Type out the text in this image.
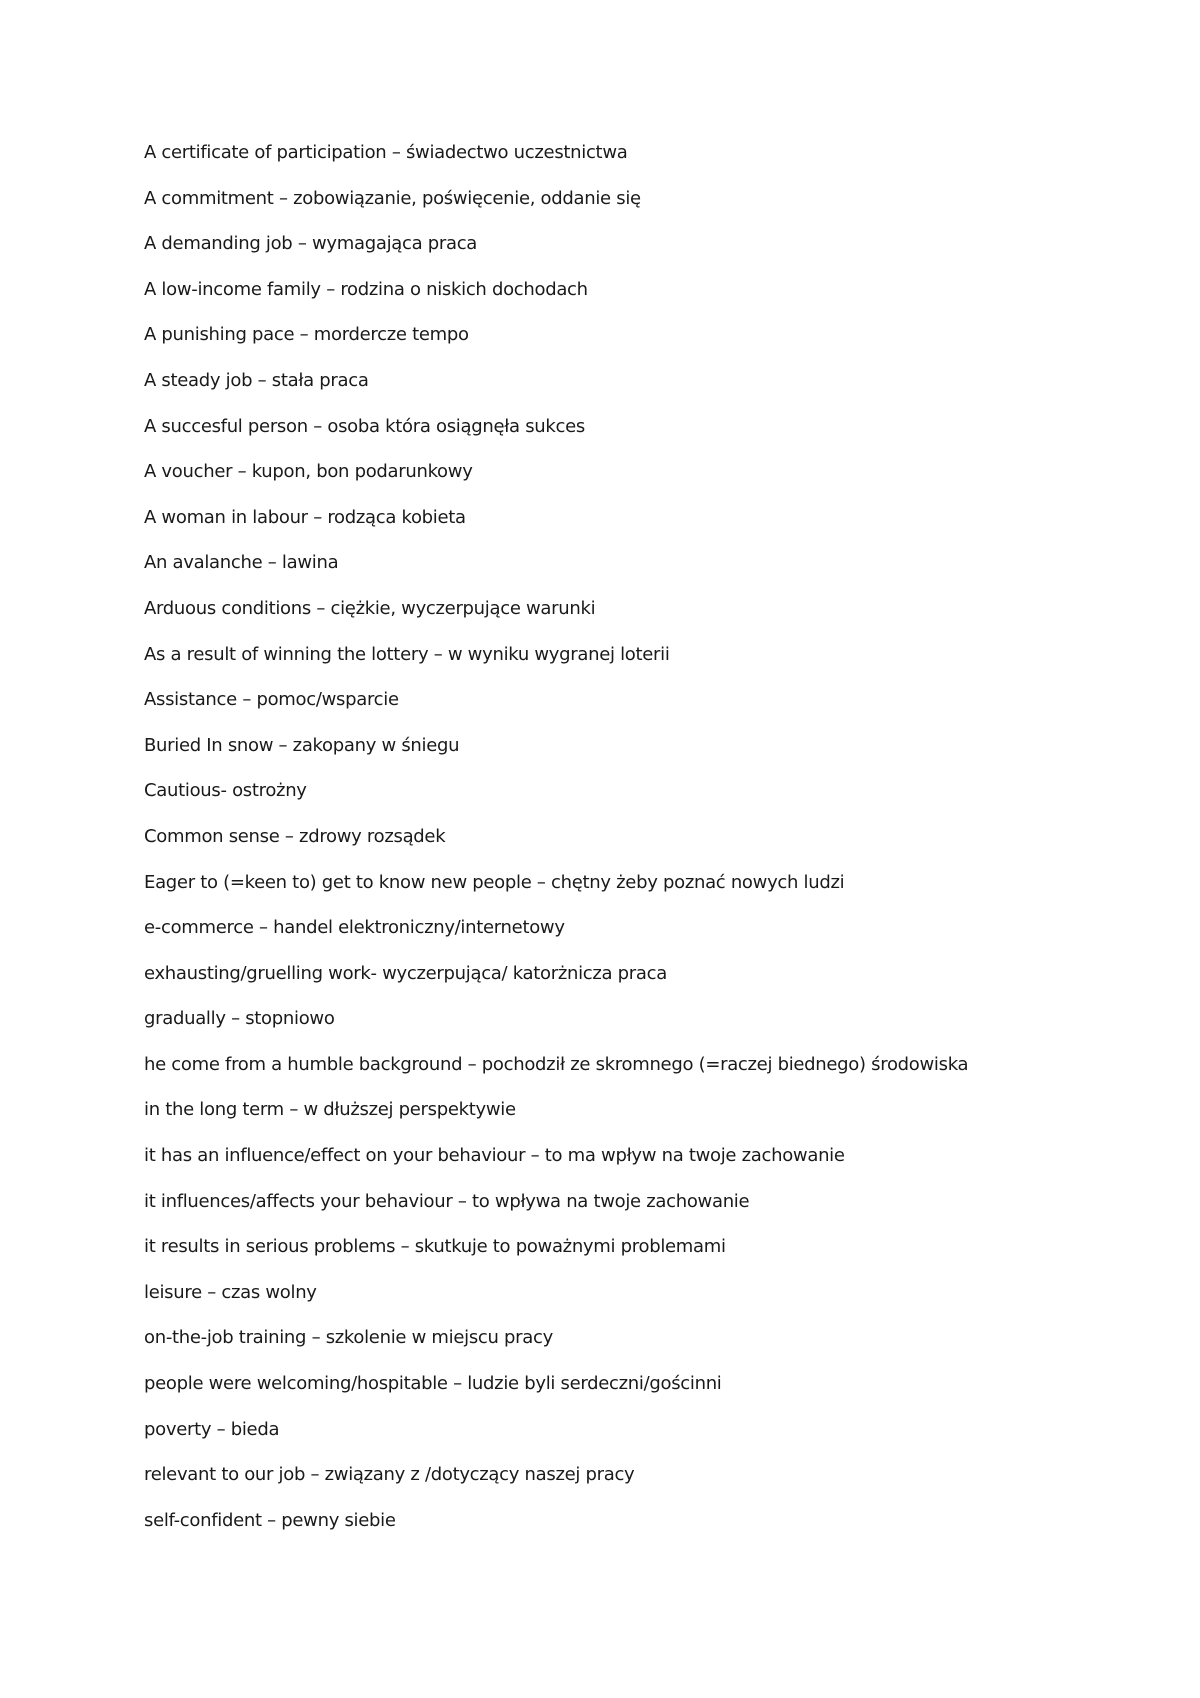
A certificate of participation – świadectwo uczestnictwa
A commitment – zobowiązanie, poświęcenie, oddanie się
A demanding job – wymagająca praca
A low-income family – rodzina o niskich dochodach
A punishing pace – mordercze tempo
A steady job – stała praca
A succesful person – osoba która osiągnęła sukces
A voucher – kupon, bon podarunkowy
A woman in labour – rodząca kobieta
An avalanche – lawina
Arduous conditions – ciężkie, wyczerpujące warunki
As a result of winning the lottery – w wyniku wygranej loterii
Assistance – pomoc/wsparcie
Buried In snow – zakopany w śniegu
Cautious- ostrożny
Common sense – zdrowy rozsądek
Eager to (=keen to) get to know new people – chętny żeby poznać nowych ludzi
e-commerce – handel elektroniczny/internetowy
exhausting/gruelling work- wyczerpująca/ katorżnicza praca
gradually – stopniowo
he come from a humble background – pochodził ze skromnego (=raczej biednego) środowiska
in the long term – w dłuższej perspektywie
it has an influence/effect on your behaviour – to ma wpływ na twoje zachowanie
it influences/affects your behaviour – to wpływa na twoje zachowanie
it results in serious problems – skutkuje to poważnymi problemami
leisure – czas wolny
on-the-job training – szkolenie w miejscu pracy
people were welcoming/hospitable – ludzie byli serdeczni/gościnni
poverty – bieda
relevant to our job – związany z /dotyczący naszej pracy
self-confident – pewny siebie
